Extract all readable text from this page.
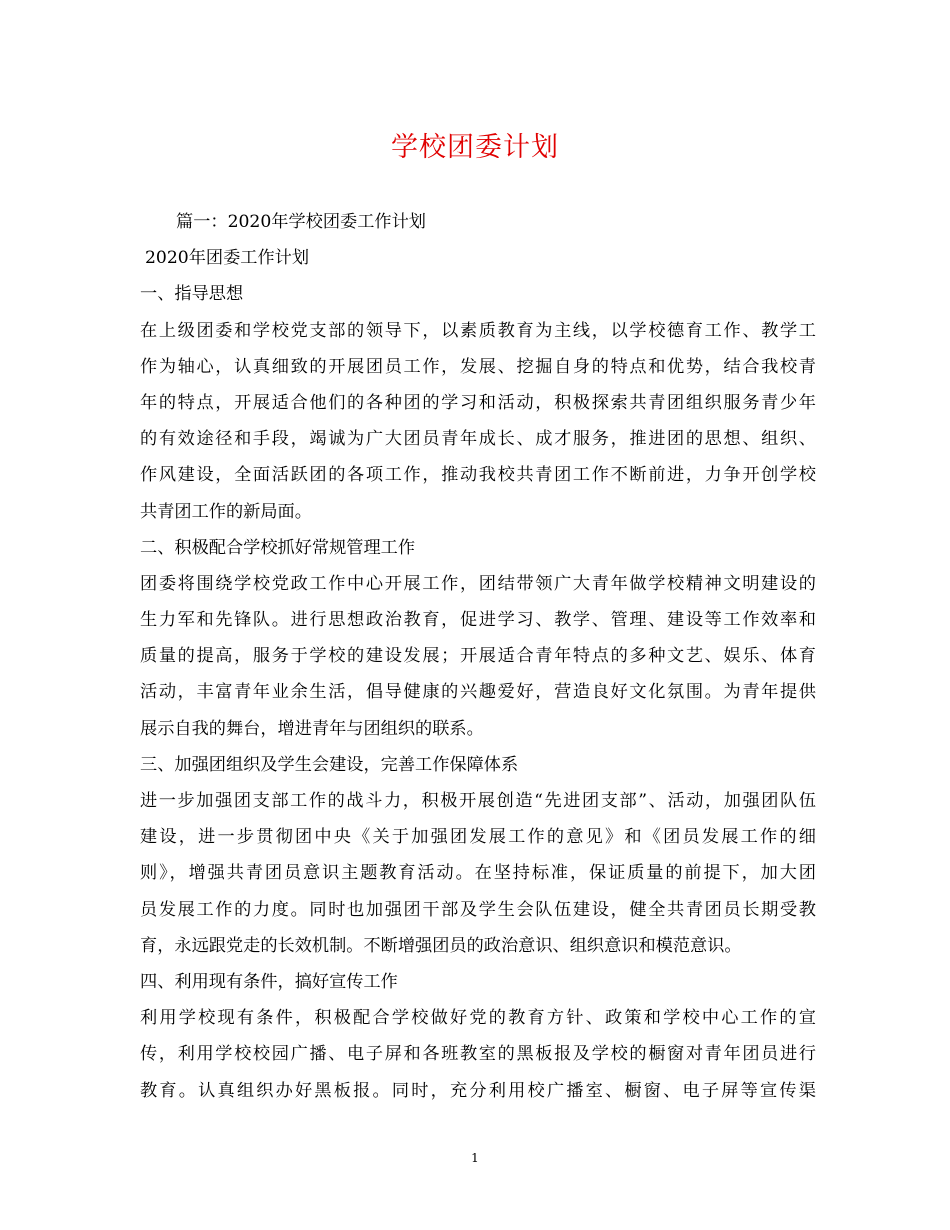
学校团委计划
篇一：2020年学校团委工作计划
2020年团委工作计划
一、指导思想
在上级团委和学校党支部的领导下，以素质教育为主线，以学校德育工作、教学工
作为轴心，认真细致的开展团员工作，发展、挖掘自身的特点和优势，结合我校青
年的特点，开展适合他们的各种团的学习和活动，积极探索共青团组织服务青少年
的有效途径和手段，竭诚为广大团员青年成长、成才服务，推进团的思想、组织、
作风建设，全面活跃团的各项工作，推动我校共青团工作不断前进，力争开创学校
共青团工作的新局面。
二、积极配合学校抓好常规管理工作
团委将围绕学校党政工作中心开展工作，团结带领广大青年做学校精神文明建设的
生力军和先锋队。进行思想政治教育，促进学习、教学、管理、建设等工作效率和
质量的提高，服务于学校的建设发展；开展适合青年特点的多种文艺、娱乐、体育
活动，丰富青年业余生活，倡导健康的兴趣爱好，营造良好文化氛围。为青年提供
展示自我的舞台，增进青年与团组织的联系。
三、加强团组织及学生会建设，完善工作保障体系
进一步加强团支部工作的战斗力，积极开展创造“先进团支部”、活动，加强团队伍
建设，进一步贯彻团中央《关于加强团发展工作的意见》和《团员发展工作的细
则》，增强共青团员意识主题教育活动。在坚持标准，保证质量的前提下，加大团
员发展工作的力度。同时也加强团干部及学生会队伍建设，健全共青团员长期受教
育，永远跟党走的长效机制。不断增强团员的政治意识、组织意识和模范意识。
四、利用现有条件，搞好宣传工作
利用学校现有条件，积极配合学校做好党的教育方针、政策和学校中心工作的宣
传，利用学校校园广播、电子屏和各班教室的黑板报及学校的橱窗对青年团员进行
教育。认真组织办好黑板报。同时，充分利用校广播室、橱窗、电子屏等宣传渠
1
